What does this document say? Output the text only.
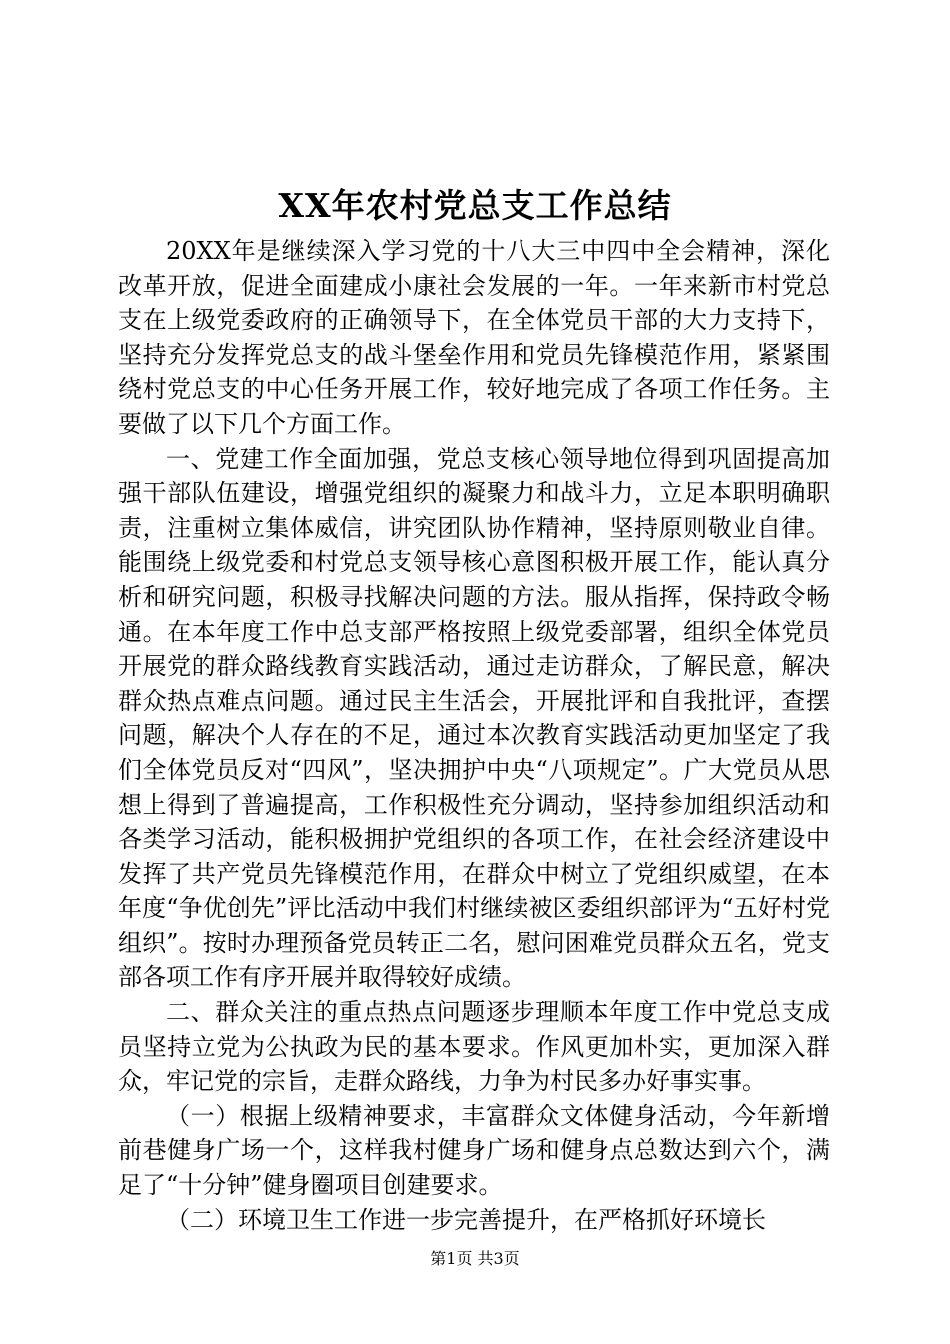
XX年农村党总支工作总结

20XX年是继续深入学习党的十八大三中四中全会精神，深化改革开放，促进全面建成小康社会发展的一年。一年来新市村党总支在上级党委政府的正确领导下，在全体党员干部的大力支持下，坚持充分发挥党总支的战斗堡垒作用和党员先锋模范作用，紧紧围绕村党总支的中心任务开展工作，较好地完成了各项工作任务。主要做了以下几个方面工作。

一、党建工作全面加强，党总支核心领导地位得到巩固提高加强干部队伍建设，增强党组织的凝聚力和战斗力，立足本职明确职责，注重树立集体威信，讲究团队协作精神，坚持原则敬业自律。能围绕上级党委和村党总支领导核心意图积极开展工作，能认真分析和研究问题，积极寻找解决问题的方法。服从指挥，保持政令畅通。在本年度工作中总支部严格按照上级党委部署，组织全体党员开展党的群众路线教育实践活动，通过走访群众，了解民意，解决群众热点难点问题。通过民主生活会，开展批评和自我批评，查摆问题，解决个人存在的不足，通过本次教育实践活动更加坚定了我们全体党员反对“四风”，坚决拥护中央“八项规定”。广大党员从思想上得到了普遍提高，工作积极性充分调动，坚持参加组织活动和各类学习活动，能积极拥护党组织的各项工作，在社会经济建设中发挥了共产党员先锋模范作用，在群众中树立了党组织威望，在本年度“争优创先”评比活动中我们村继续被区委组织部评为“五好村党组织”。按时办理预备党员转正二名，慰问困难党员群众五名，党支部各项工作有序开展并取得较好成绩。

二、群众关注的重点热点问题逐步理顺本年度工作中党总支成员坚持立党为公执政为民的基本要求。作风更加朴实，更加深入群众，牢记党的宗旨，走群众路线，力争为村民多办好事实事。

（一）根据上级精神要求，丰富群众文体健身活动，今年新增前巷健身广场一个，这样我村健身广场和健身点总数达到六个，满足了“十分钟”健身圈项目创建要求。

（二）环境卫生工作进一步完善提升，在严格抓好环境长

第1页 共3页
